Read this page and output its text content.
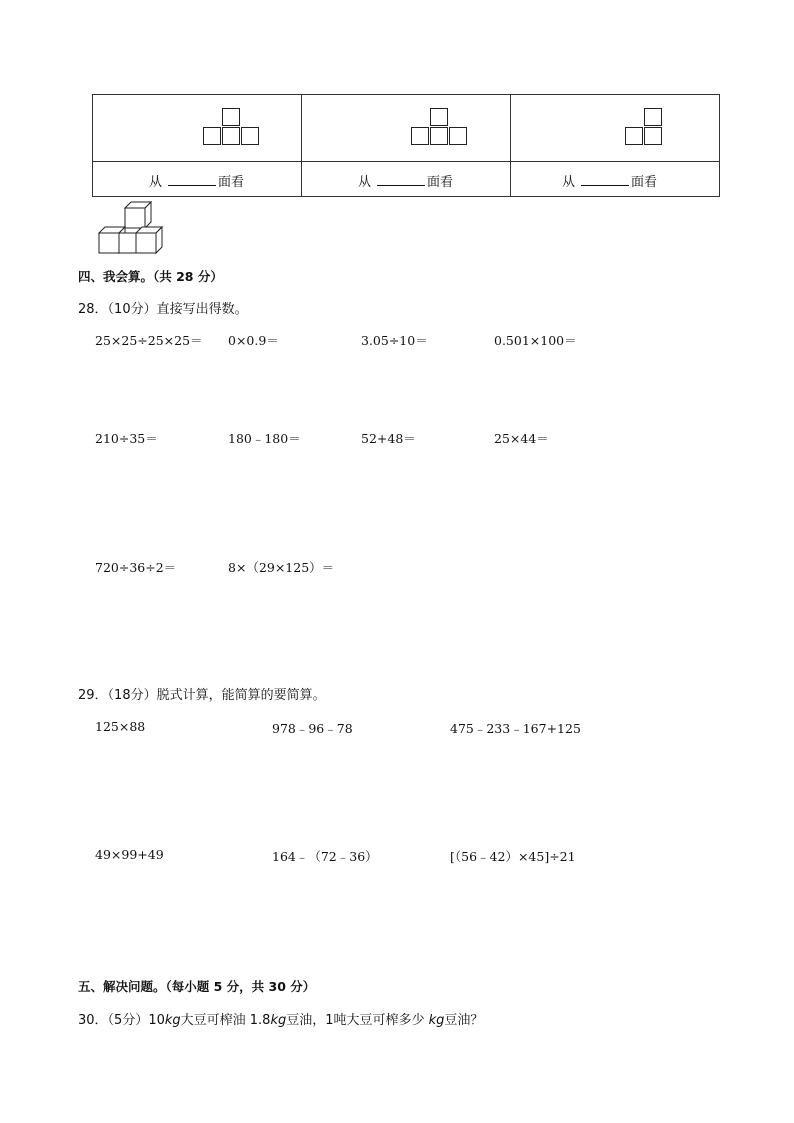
从 面看	从 面看	从 面看
四、我会算。（共 28 分）
28．（10分）直接写出得数。
25×25÷25×25＝ 0×0.9＝	3.05÷10＝	0.501×100＝
210÷35＝	180﹣180＝	52+48＝	25×44＝
720÷36÷2＝	8×（29×125）＝
29．（18分）脱式计算，能简算的要简算。
125×88	978﹣96﹣78	475﹣233﹣167+125
49×99+49	164﹣（72﹣36）	[（56﹣42）×45]÷21
五、解决问题。（每小题 5 分，共 30 分）
30．（5分）10kg大豆可榨油 1.8kg豆油，1吨大豆可榨多少 kg豆油？
